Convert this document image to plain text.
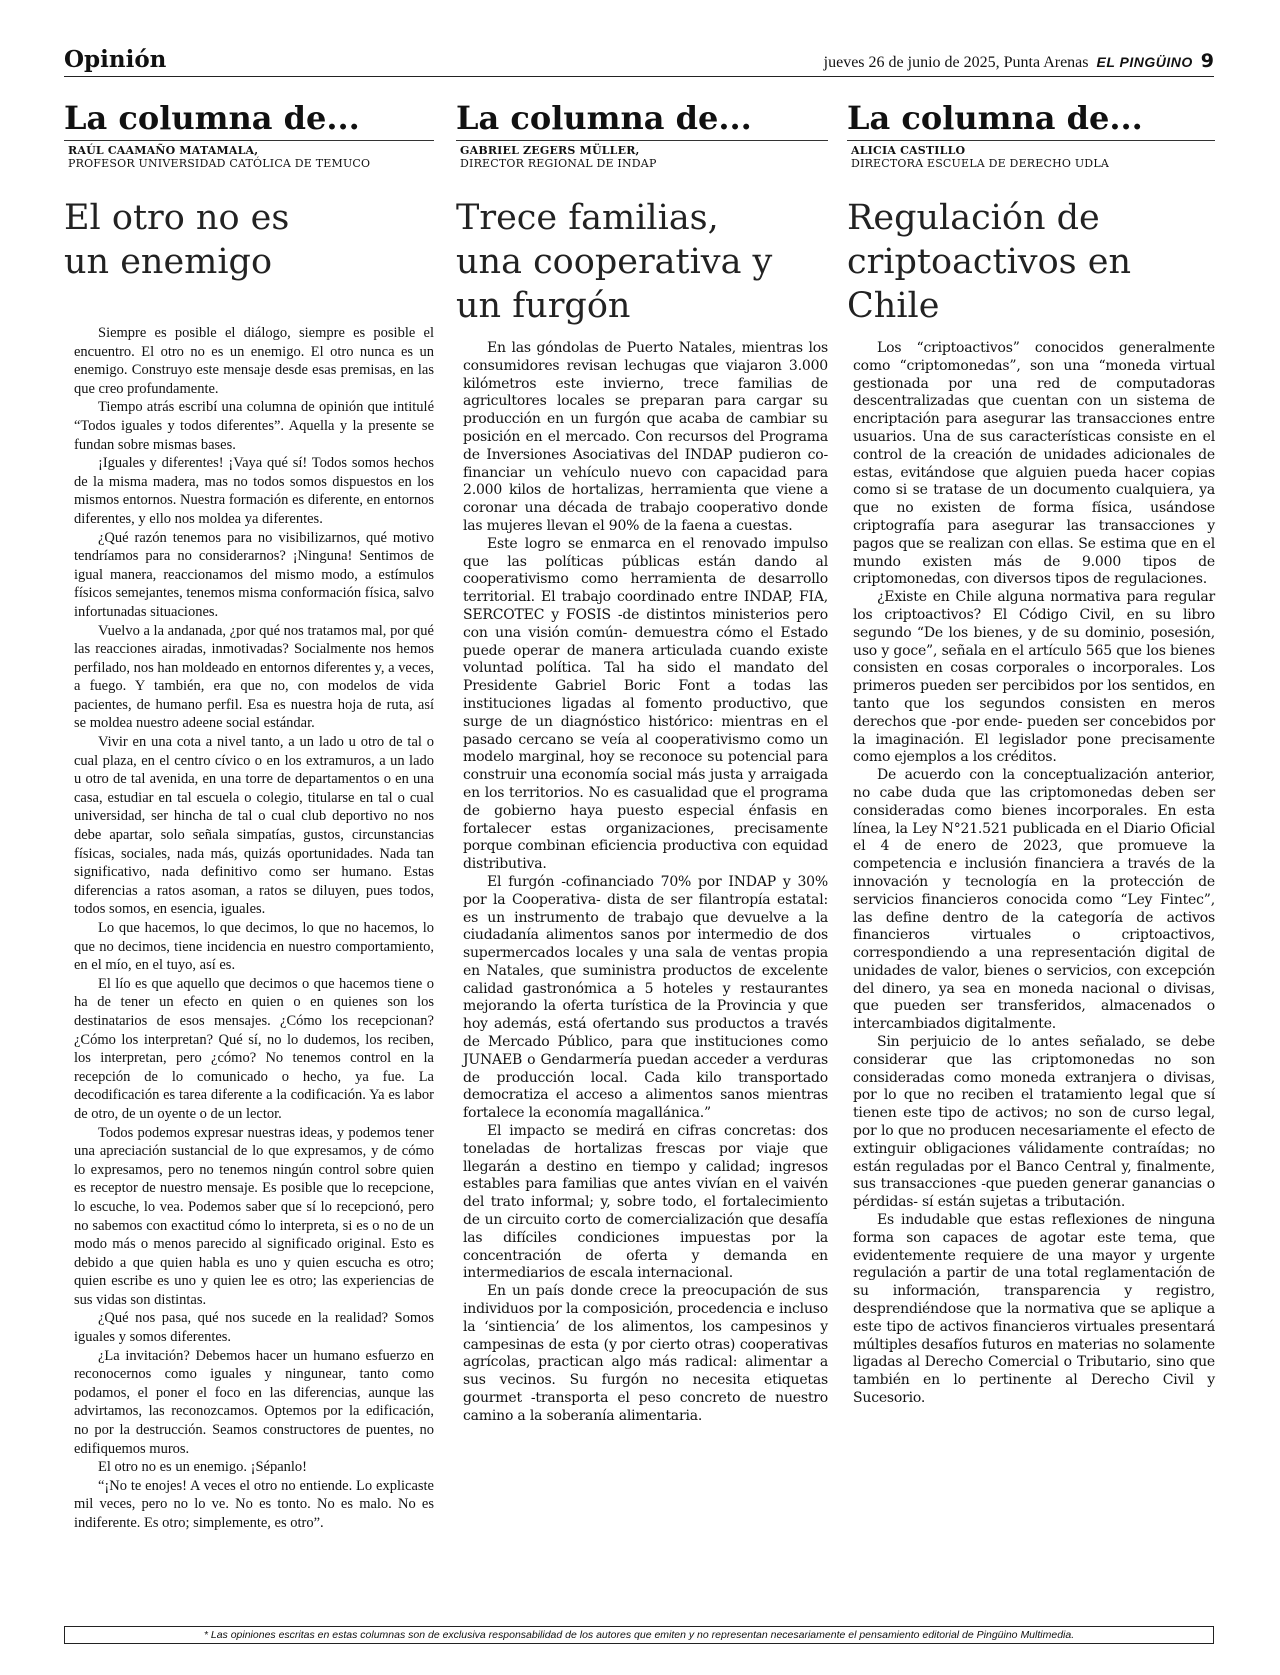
Opinión	jueves 26 de junio de 2025, Punta Arenas EL PINGÜINO 9
La columna de...
RAÚL CAAMAÑO MATAMALA,
PROFESOR UNIVERSIDAD CATÓLICA DE TEMUCO
El otro no es un enemigo

Siempre es posible el diálogo, siempre es posible el encuentro. El otro no es un enemigo. El otro nunca es un enemigo. Construyo este mensaje desde esas premisas, en las que creo profundamente.

Tiempo atrás escribí una columna de opinión que intitulé “Todos iguales y todos diferentes”. Aquella y la presente se fundan sobre mismas bases.

¡Iguales y diferentes! ¡Vaya qué sí! Todos somos hechos de la misma madera, mas no todos somos dispuestos en los mismos entornos. Nuestra formación es diferente, en entornos diferentes, y ello nos moldea ya diferentes.

¿Qué razón tenemos para no visibilizarnos, qué motivo tendríamos para no considerarnos? ¡Ninguna! Sentimos de igual manera, reaccionamos del mismo modo, a estímulos físicos semejantes, tenemos misma conformación física, salvo infortunadas situaciones.

Vuelvo a la andanada, ¿por qué nos tratamos mal, por qué las reacciones airadas, inmotivadas? Socialmente nos hemos perfilado, nos han moldeado en entornos diferentes y, a veces, a fuego. Y también, era que no, con modelos de vida pacientes, de humano perfil. Esa es nuestra hoja de ruta, así se moldea nuestro adeene social estándar.

Vivir en una cota a nivel tanto, a un lado u otro de tal o cual plaza, en el centro cívico o en los extramuros, a un lado u otro de tal avenida, en una torre de departamentos o en una casa, estudiar en tal escuela o colegio, titularse en tal o cual universidad, ser hincha de tal o cual club deportivo no nos debe apartar, solo señala simpatías, gustos, circunstancias físicas, sociales, nada más, quizás oportunidades. Nada tan significativo, nada definitivo como ser humano. Estas diferencias a ratos asoman, a ratos se diluyen, pues todos, todos somos, en esencia, iguales.

Lo que hacemos, lo que decimos, lo que no hacemos, lo que no decimos, tiene incidencia en nuestro comportamiento, en el mío, en el tuyo, así es.

El lío es que aquello que decimos o que hacemos tiene o ha de tener un efecto en quien o en quienes son los destinatarios de esos mensajes. ¿Cómo los recepcionan? ¿Cómo los interpretan? Qué sí, no lo dudemos, los reciben, los interpretan, pero ¿cómo? No tenemos control en la recepción de lo comunicado o hecho, ya fue. La decodificación es tarea diferente a la codificación. Ya es labor de otro, de un oyente o de un lector.

Todos podemos expresar nuestras ideas, y podemos tener una apreciación sustancial de lo que expresamos, y de cómo lo expresamos, pero no tenemos ningún control sobre quien es receptor de nuestro mensaje. Es posible que lo recepcione, lo escuche, lo vea. Podemos saber que sí lo recepcionó, pero no sabemos con exactitud cómo lo interpreta, si es o no de un modo más o menos parecido al significado original. Esto es debido a que quien habla es uno y quien escucha es otro; quien escribe es uno y quien lee es otro; las experiencias de sus vidas son distintas.

¿Qué nos pasa, qué nos sucede en la realidad? Somos iguales y somos diferentes.

¿La invitación? Debemos hacer un humano esfuerzo en reconocernos como iguales y ningunear, tanto como podamos, el poner el foco en las diferencias, aunque las advirtamos, las reconozcamos. Optemos por la edificación, no por la destrucción. Seamos constructores de puentes, no edifiquemos muros.

El otro no es un enemigo. ¡Sépanlo!

“¡No te enojes! A veces el otro no entiende. Lo explicaste mil veces, pero no lo ve. No es tonto. No es malo. No es indiferente. Es otro; simplemente, es otro”.

La columna de...
GABRIEL ZEGERS MÜLLER,
DIRECTOR REGIONAL DE INDAP
Trece familias, una cooperativa y un furgón

En las góndolas de Puerto Natales, mientras los consumidores revisan lechugas que viajaron 3.000 kilómetros este invierno, trece familias de agricultores locales se preparan para cargar su producción en un furgón que acaba de cambiar su posición en el mercado. Con recursos del Programa de Inversiones Asociativas del INDAP pudieron co-financiar un vehículo nuevo con capacidad para 2.000 kilos de hortalizas, herramienta que viene a coronar una década de trabajo cooperativo donde las mujeres llevan el 90% de la faena a cuestas.

Este logro se enmarca en el renovado impulso que las políticas públicas están dando al cooperativismo como herramienta de desarrollo territorial. El trabajo coordinado entre INDAP, FIA, SERCOTEC y FOSIS -de distintos ministerios pero con una visión común- demuestra cómo el Estado puede operar de manera articulada cuando existe voluntad política. Tal ha sido el mandato del Presidente Gabriel Boric Font a todas las instituciones ligadas al fomento productivo, que surge de un diagnóstico histórico: mientras en el pasado cercano se veía al cooperativismo como un modelo marginal, hoy se reconoce su potencial para construir una economía social más justa y arraigada en los territorios. No es casualidad que el programa de gobierno haya puesto especial énfasis en fortalecer estas organizaciones, precisamente porque combinan eficiencia productiva con equidad distributiva.

El furgón -cofinanciado 70% por INDAP y 30% por la Cooperativa- dista de ser filantropía estatal: es un instrumento de trabajo que devuelve a la ciudadanía alimentos sanos por intermedio de dos supermercados locales y una sala de ventas propia en Natales, que suministra productos de excelente calidad gastronómica a 5 hoteles y restaurantes mejorando la oferta turística de la Provincia y que hoy además, está ofertando sus productos a través de Mercado Público, para que instituciones como JUNAEB o Gendarmería puedan acceder a verduras de producción local. Cada kilo transportado democratiza el acceso a alimentos sanos mientras fortalece la economía magallánica.”

El impacto se medirá en cifras concretas: dos toneladas de hortalizas frescas por viaje que llegarán a destino en tiempo y calidad; ingresos estables para familias que antes vivían en el vaivén del trato informal; y, sobre todo, el fortalecimiento de un circuito corto de comercialización que desafía las difíciles condiciones impuestas por la concentración de oferta y demanda en intermediarios de escala internacional.

En un país donde crece la preocupación de sus individuos por la composición, procedencia e incluso la ‘sintiencia’ de los alimentos, los campesinos y campesinas de esta (y por cierto otras) cooperativas agrícolas, practican algo más radical: alimentar a sus vecinos. Su furgón no necesita etiquetas gourmet -transporta el peso concreto de nuestro camino a la soberanía alimentaria.

La columna de...
ALICIA CASTILLO
DIRECTORA ESCUELA DE DERECHO UDLA
Regulación de criptoactivos en Chile

Los “criptoactivos” conocidos generalmente como “criptomonedas”, son una “moneda virtual gestionada por una red de computadoras descentralizadas que cuentan con un sistema de encriptación para asegurar las transacciones entre usuarios. Una de sus características consiste en el control de la creación de unidades adicionales de estas, evitándose que alguien pueda hacer copias como si se tratase de un documento cualquiera, ya que no existen de forma física, usándose criptografía para asegurar las transacciones y pagos que se realizan con ellas. Se estima que en el mundo existen más de 9.000 tipos de criptomonedas, con diversos tipos de regulaciones.

¿Existe en Chile alguna normativa para regular los criptoactivos? El Código Civil, en su libro segundo “De los bienes, y de su dominio, posesión, uso y goce”, señala en el artículo 565 que los bienes consisten en cosas corporales o incorporales. Los primeros pueden ser percibidos por los sentidos, en tanto que los segundos consisten en meros derechos que -por ende- pueden ser concebidos por la imaginación. El legislador pone precisamente como ejemplos a los créditos.

De acuerdo con la conceptualización anterior, no cabe duda que las criptomonedas deben ser consideradas como bienes incorporales. En esta línea, la Ley N°21.521 publicada en el Diario Oficial el 4 de enero de 2023, que promueve la competencia e inclusión financiera a través de la innovación y tecnología en la protección de servicios financieros conocida como “Ley Fintec”, las define dentro de la categoría de activos financieros virtuales o criptoactivos, correspondiendo a una representación digital de unidades de valor, bienes o servicios, con excepción del dinero, ya sea en moneda nacional o divisas, que pueden ser transferidos, almacenados o intercambiados digitalmente.

Sin perjuicio de lo antes señalado, se debe considerar que las criptomonedas no son consideradas como moneda extranjera o divisas, por lo que no reciben el tratamiento legal que sí tienen este tipo de activos; no son de curso legal, por lo que no producen necesariamente el efecto de extinguir obligaciones válidamente contraídas; no están reguladas por el Banco Central y, finalmente, sus transacciones -que pueden generar ganancias o pérdidas- sí están sujetas a tributación.

Es indudable que estas reflexiones de ninguna forma son capaces de agotar este tema, que evidentemente requiere de una mayor y urgente regulación a partir de una total reglamentación de su información, transparencia y registro, desprendiéndose que la normativa que se aplique a este tipo de activos financieros virtuales presentará múltiples desafíos futuros en materias no solamente ligadas al Derecho Comercial o Tributario, sino que también en lo pertinente al Derecho Civil y Sucesorio.

* Las opiniones escritas en estas columnas son de exclusiva responsabilidad de los autores que emiten y no representan necesariamente el pensamiento editorial de Pingüino Multimedia.
